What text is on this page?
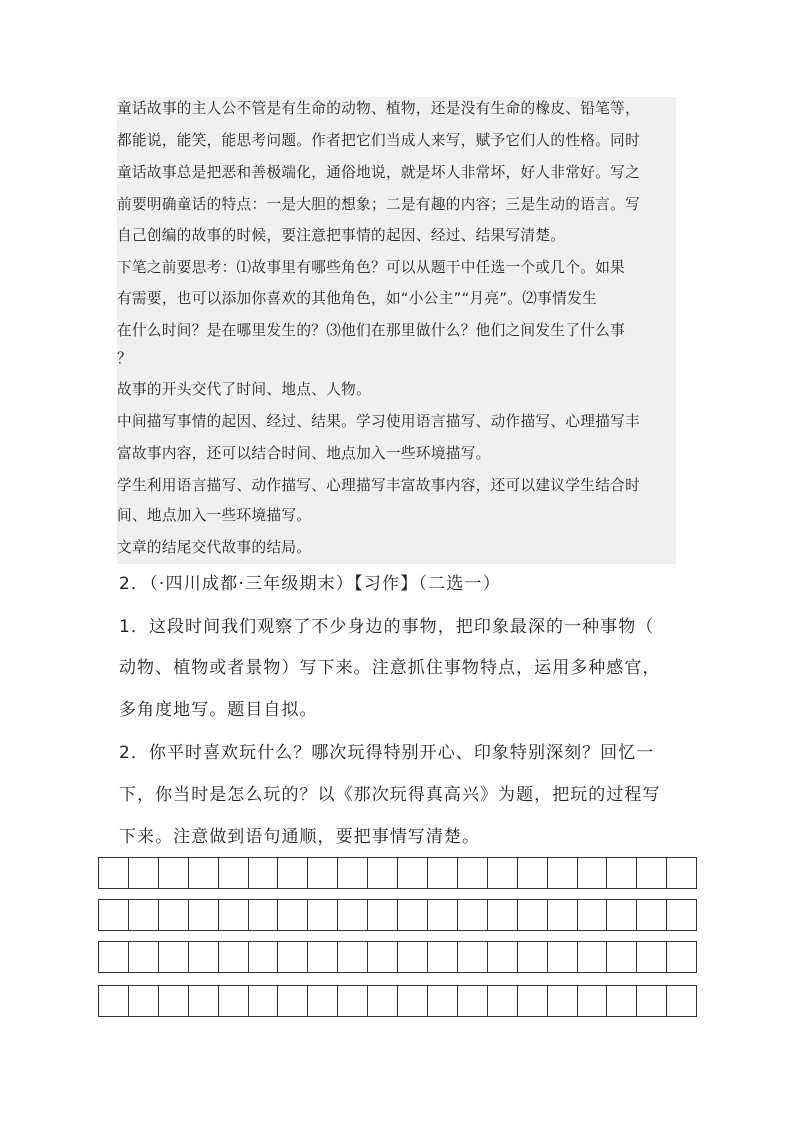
童话故事的主人公不管是有生命的动物、植物，还是没有生命的橡皮、铅笔等，
都能说，能笑，能思考问题。作者把它们当成人来写，赋予它们人的性格。同时
童话故事总是把恶和善极端化，通俗地说，就是坏人非常坏，好人非常好。写之
前要明确童话的特点：一是大胆的想象；二是有趣的内容；三是生动的语言。写
自己创编的故事的时候，要注意把事情的起因、经过、结果写清楚。
下笔之前要思考：⑴故事里有哪些角色？可以从题干中任选一个或几个。如果
有需要，也可以添加你喜欢的其他角色，如“小公主”“月亮”。⑵事情发生
在什么时间？是在哪里发生的？⑶他们在那里做什么？他们之间发生了什么事
？
故事的开头交代了时间、地点、人物。
中间描写事情的起因、经过、结果。学习使用语言描写、动作描写、心理描写丰
富故事内容，还可以结合时间、地点加入一些环境描写。
学生利用语言描写、动作描写、心理描写丰富故事内容，还可以建议学生结合时
间、地点加入一些环境描写。
文章的结尾交代故事的结局。
2．（·四川成都·三年级期末）【习作】（二选一）
1．这段时间我们观察了不少身边的事物，把印象最深的一种事物（
动物、植物或者景物）写下来。注意抓住事物特点，运用多种感官，
多角度地写。题目自拟。
2．你平时喜欢玩什么？哪次玩得特别开心、印象特别深刻？回忆一
下，你当时是怎么玩的？以《那次玩得真高兴》为题，把玩的过程写
下来。注意做到语句通顺，要把事情写清楚。
